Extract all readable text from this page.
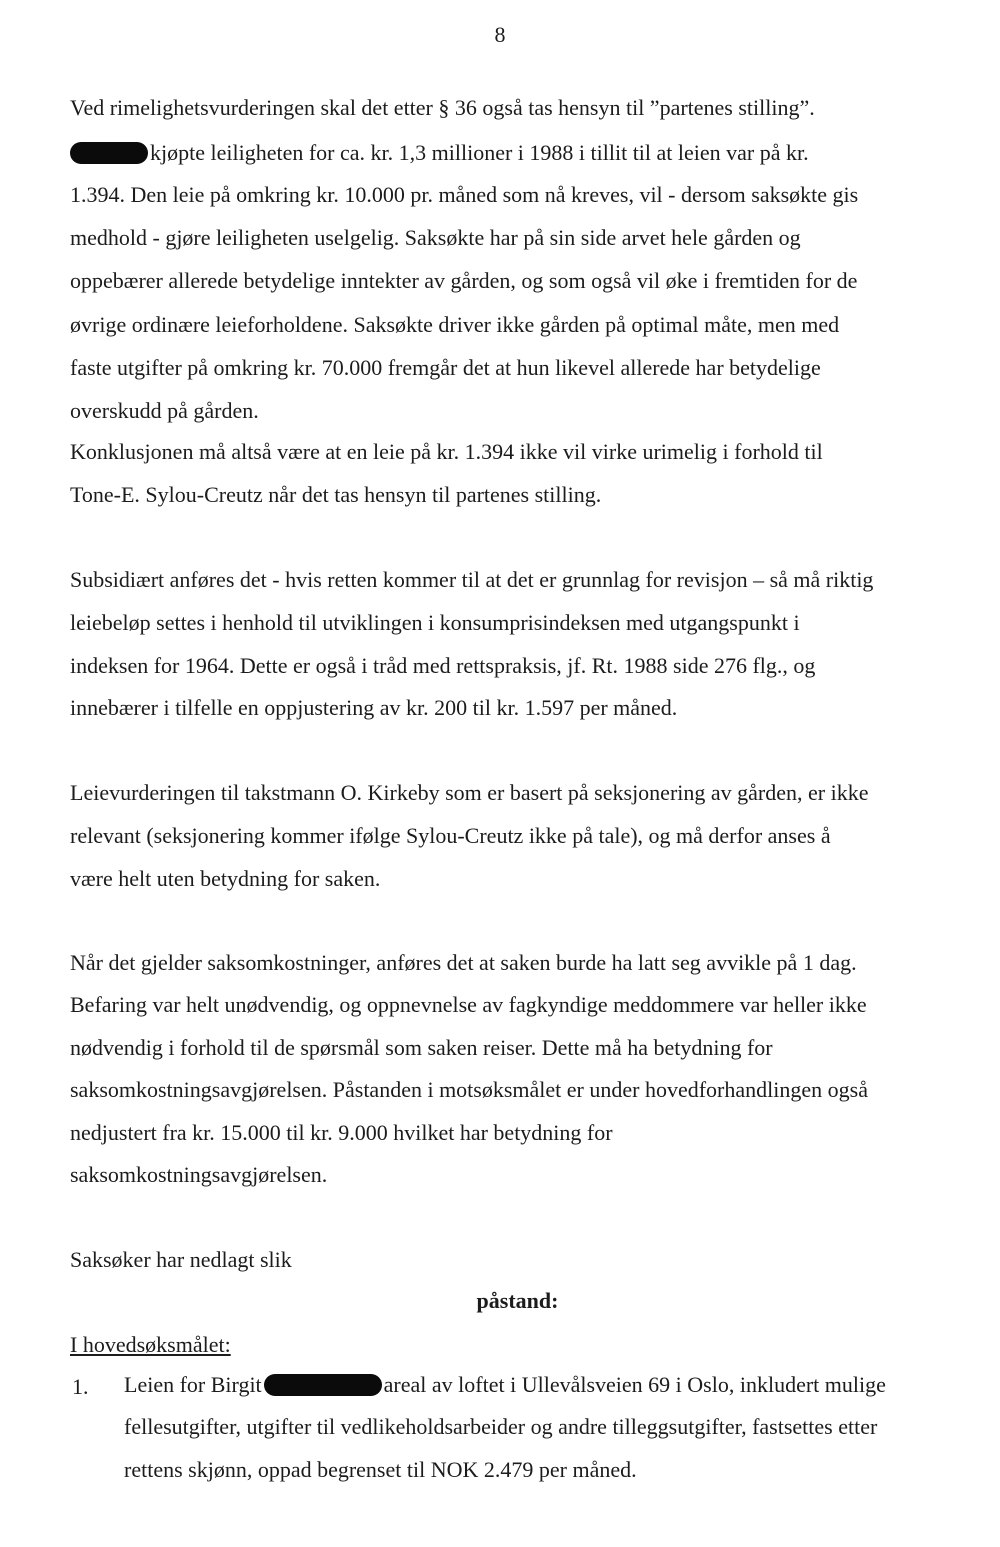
8
Ved rimelighetsvurderingen skal det etter § 36 også tas hensyn til ”partenes stilling”.
kjøpte leiligheten for ca. kr. 1,3 millioner i 1988 i tillit til at leien var på kr.
1.394. Den leie på omkring kr. 10.000 pr. måned som nå kreves, vil - dersom saksøkte gis
medhold - gjøre leiligheten uselgelig. Saksøkte har på sin side arvet hele gården og
oppebærer allerede betydelige inntekter av gården, og som også vil øke i fremtiden for de
øvrige ordinære leieforholdene. Saksøkte driver ikke gården på optimal måte, men med
faste utgifter på omkring kr. 70.000 fremgår det at hun likevel allerede har betydelige
overskudd på gården.
Konklusjonen må altså være at en leie på kr. 1.394 ikke vil virke urimelig i forhold til
Tone-E. Sylou-Creutz når det tas hensyn til partenes stilling.
Subsidiært anføres det - hvis retten kommer til at det er grunnlag for revisjon – så må riktig
leiebeløp settes i henhold til utviklingen i konsumprisindeksen med utgangspunkt i
indeksen for 1964. Dette er også i tråd med rettspraksis, jf. Rt. 1988 side 276 flg., og
innebærer i tilfelle en oppjustering av kr. 200 til kr. 1.597 per måned.
Leievurderingen til takstmann O. Kirkeby som er basert på seksjonering av gården, er ikke
relevant (seksjonering kommer ifølge Sylou-Creutz ikke på tale), og må derfor anses å
være helt uten betydning for saken.
Når det gjelder saksomkostninger, anføres det at saken burde ha latt seg avvikle på 1 dag.
Befaring var helt unødvendig, og oppnevnelse av fagkyndige meddommere var heller ikke
nødvendig i forhold til de spørsmål som saken reiser. Dette må ha betydning for
saksomkostningsavgjørelsen. Påstanden i motsøksmålet er under hovedforhandlingen også
nedjustert fra kr. 15.000 til kr. 9.000 hvilket har betydning for
saksomkostningsavgjørelsen.
Saksøker har nedlagt slik
påstand:
I hovedsøksmålet:
1. Leien for Birgit	areal av loftet i Ullevålsveien 69 i Oslo, inkludert mulige
fellesutgifter, utgifter til vedlikeholdsarbeider og andre tilleggsutgifter, fastsettes etter
rettens skjønn, oppad begrenset til NOK 2.479 per måned.
